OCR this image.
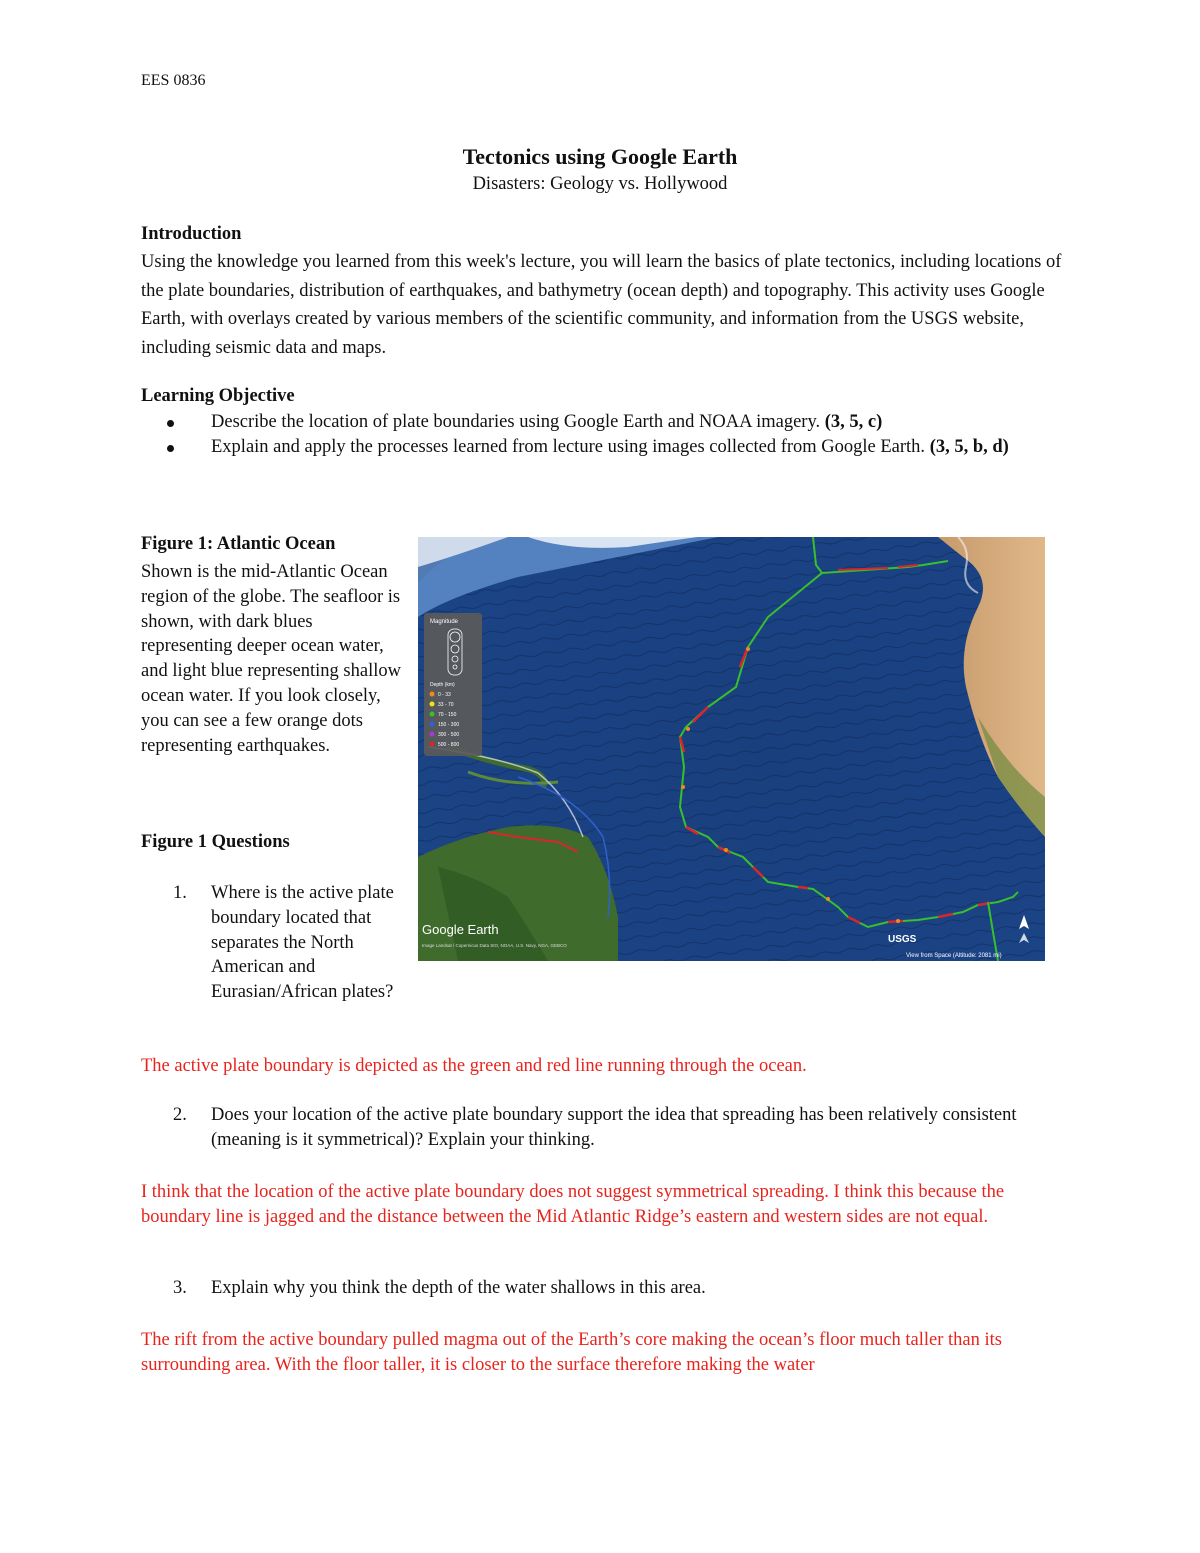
EES 0836
Tectonics using Google Earth
Disasters: Geology vs. Hollywood
Introduction
Using the knowledge you learned from this week's lecture, you will learn the basics of plate tectonics, including locations of the plate boundaries, distribution of earthquakes, and bathymetry (ocean depth) and topography. This activity uses Google Earth, with overlays created by various members of the scientific community, and information from the USGS website, including seismic data and maps.
Learning Objective
Describe the location of plate boundaries using Google Earth and NOAA imagery. (3, 5, c)
Explain and apply the processes learned from lecture using images collected from Google Earth. (3, 5, b, d)
Figure 1: Atlantic Ocean
Shown is the mid-Atlantic Ocean region of the globe. The seafloor is shown, with dark blues representing deeper ocean water, and light blue representing shallow ocean water. If you look closely, you can see a few orange dots representing earthquakes.
Magnitude
Depth (km)
0 - 33
33 - 70
70 - 150
150 - 300
300 - 500
500 - 800
Google Earth
Image Landsat / Copernicus Data SIO, NOAA, U.S. Navy, NGA, GEBCO
USGS
View from Space (Altitude: 2081 mi)
Figure 1 Questions
1. Where is the active plate boundary located that separates the North American and Eurasian/African plates?
The active plate boundary is depicted as the green and red line running through the ocean.
2. Does your location of the active plate boundary support the idea that spreading has been relatively consistent (meaning is it symmetrical)? Explain your thinking.
I think that the location of the active plate boundary does not suggest symmetrical spreading. I think this because the boundary line is jagged and the distance between the Mid Atlantic Ridge’s eastern and western sides are not equal.
3. Explain why you think the depth of the water shallows in this area.
The rift from the active boundary pulled magma out of the Earth’s core making the ocean’s floor much taller than its surrounding area. With the floor taller, it is closer to the surface therefore making the water
